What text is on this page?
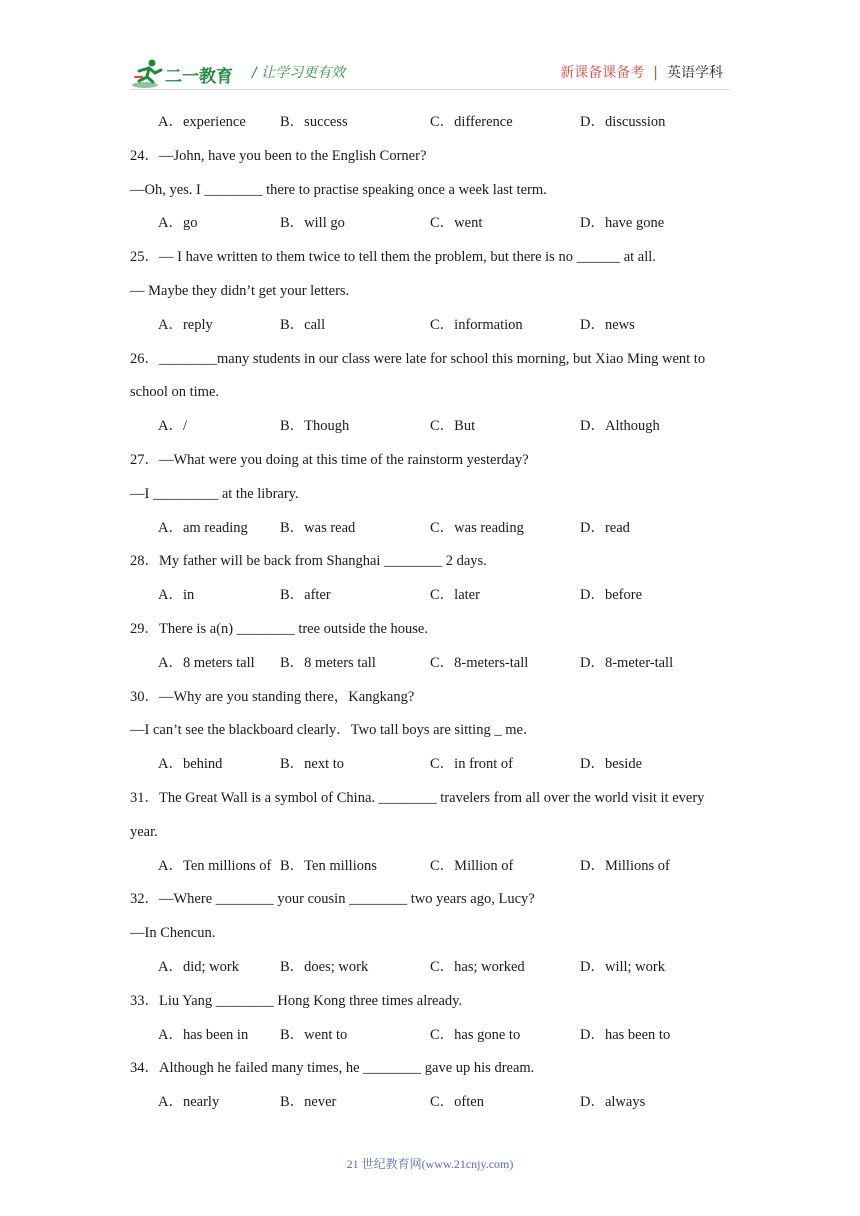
二一教育 / 让学习更有效	新课备课备考 | 英语学科
A．experience B．success	C．difference	D．discussion
24．—John, have you been to the English Corner?
—Oh, yes. I ________ there to practise speaking once a week last term.
A．go	B．will go	C．went	D．have gone
25．— I have written to them twice to tell them the problem, but there is no ______ at all.
— Maybe they didn’t get your letters.
A．reply	B．call	C．information	D．news
26．________many students in our class were late for school this morning, but Xiao Ming went to
school on time.
A．/	B．Though	C．But	D．Although
27．—What were you doing at this time of the rainstorm yesterday?
—I _________ at the library.
A．am reading B．was read	C．was reading	D．read
28．My father will be back from Shanghai ________ 2 days.
A．in	B．after	C．later	D．before
29．There is a(n) ________ tree outside the house.
A．8 meters tall B．8 meters tall	C．8-meters-tall	D．8-meter-tall
30．—Why are you standing there，Kangkang?
—I can’t see the blackboard clearly．Two tall boys are sitting _ me．
A．behind	B．next to	C．in front of	D．beside
31．The Great Wall is a symbol of China. ________ travelers from all over the world visit it every
year.
A．Ten millions of B．Ten millions	C．Million of	D．Millions of
32．—Where ________ your cousin ________ two years ago, Lucy?
—In Chencun.
A．did; work	B．does; work	C．has; worked	D．will; work
33．Liu Yang ________ Hong Kong three times already.
A．has been in B．went to	C．has gone to	D．has been to
34．Although he failed many times, he ________ gave up his dream.
A．nearly	B．never	C．often	D．always
21 世纪教育网(www.21cnjy.com)
